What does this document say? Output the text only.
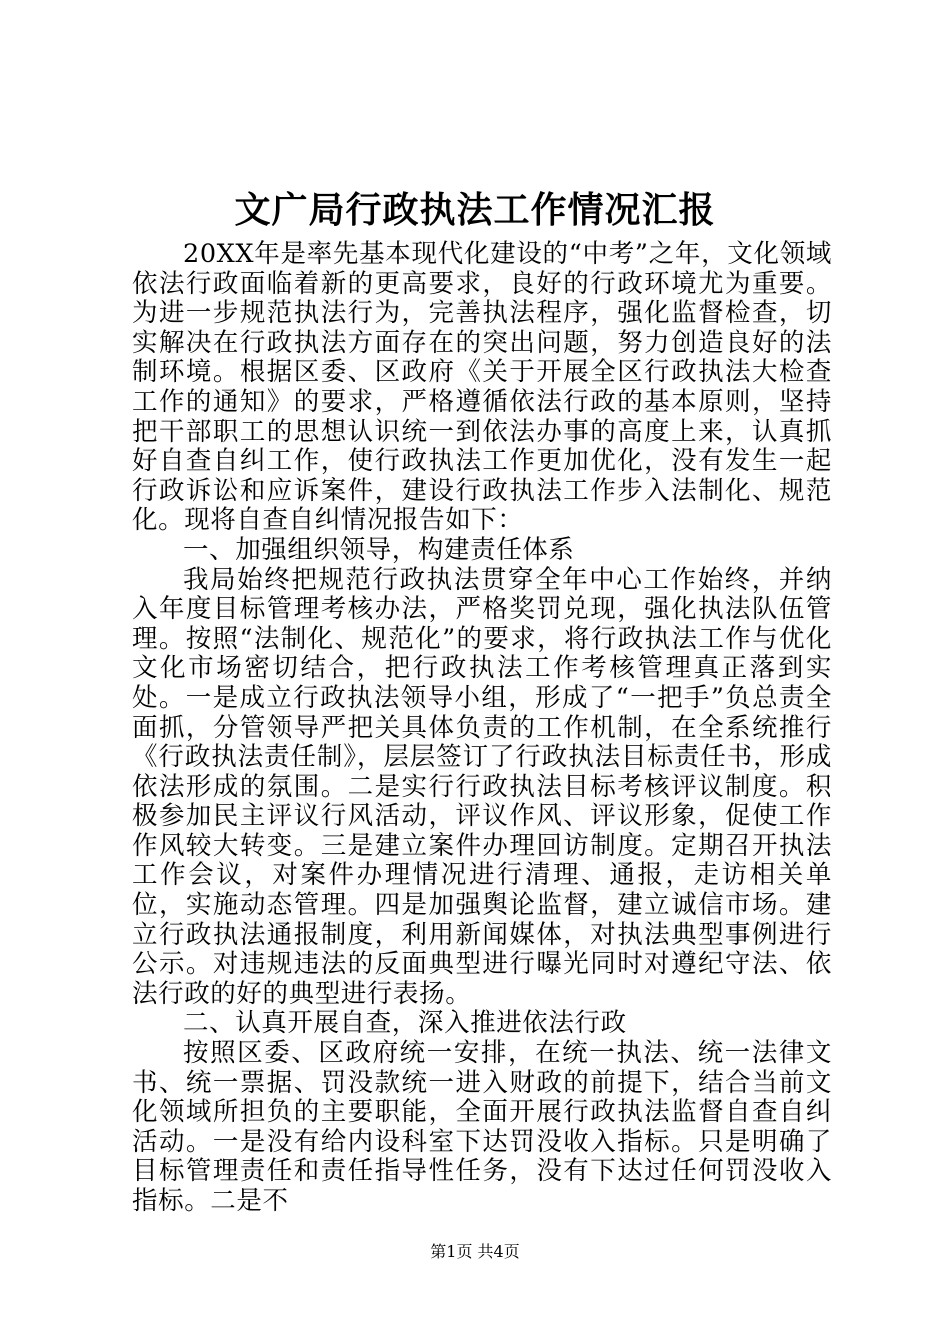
文广局行政执法工作情况汇报

20XX年是率先基本现代化建设的“中考”之年，文化领域依法行政面临着新的更高要求，良好的行政环境尤为重要。为进一步规范执法行为，完善执法程序，强化监督检查，切实解决在行政执法方面存在的突出问题，努力创造良好的法制环境。根据区委、区政府《关于开展全区行政执法大检查工作的通知》的要求，严格遵循依法行政的基本原则，坚持把干部职工的思想认识统一到依法办事的高度上来，认真抓好自查自纠工作，使行政执法工作更加优化，没有发生一起行政诉讼和应诉案件，建设行政执法工作步入法制化、规范化。现将自查自纠情况报告如下：

一、加强组织领导，构建责任体系

我局始终把规范行政执法贯穿全年中心工作始终，并纳入年度目标管理考核办法，严格奖罚兑现，强化执法队伍管理。按照“法制化、规范化”的要求，将行政执法工作与优化文化市场密切结合，把行政执法工作考核管理真正落到实处。一是成立行政执法领导小组，形成了“一把手”负总责全面抓，分管领导严把关具体负责的工作机制，在全系统推行《行政执法责任制》，层层签订了行政执法目标责任书，形成依法形成的氛围。二是实行行政执法目标考核评议制度。积极参加民主评议行风活动，评议作风、评议形象，促使工作作风较大转变。三是建立案件办理回访制度。定期召开执法工作会议，对案件办理情况进行清理、通报，走访相关单位，实施动态管理。四是加强舆论监督，建立诚信市场。建立行政执法通报制度，利用新闻媒体，对执法典型事例进行公示。对违规违法的反面典型进行曝光同时对遵纪守法、依法行政的好的典型进行表扬。

二、认真开展自查，深入推进依法行政

按照区委、区政府统一安排，在统一执法、统一法律文书、统一票据、罚没款统一进入财政的前提下，结合当前文化领域所担负的主要职能，全面开展行政执法监督自查自纠活动。一是没有给内设科室下达罚没收入指标。只是明确了目标管理责任和责任指导性任务，没有下达过任何罚没收入指标。二是不

第1页 共4页
